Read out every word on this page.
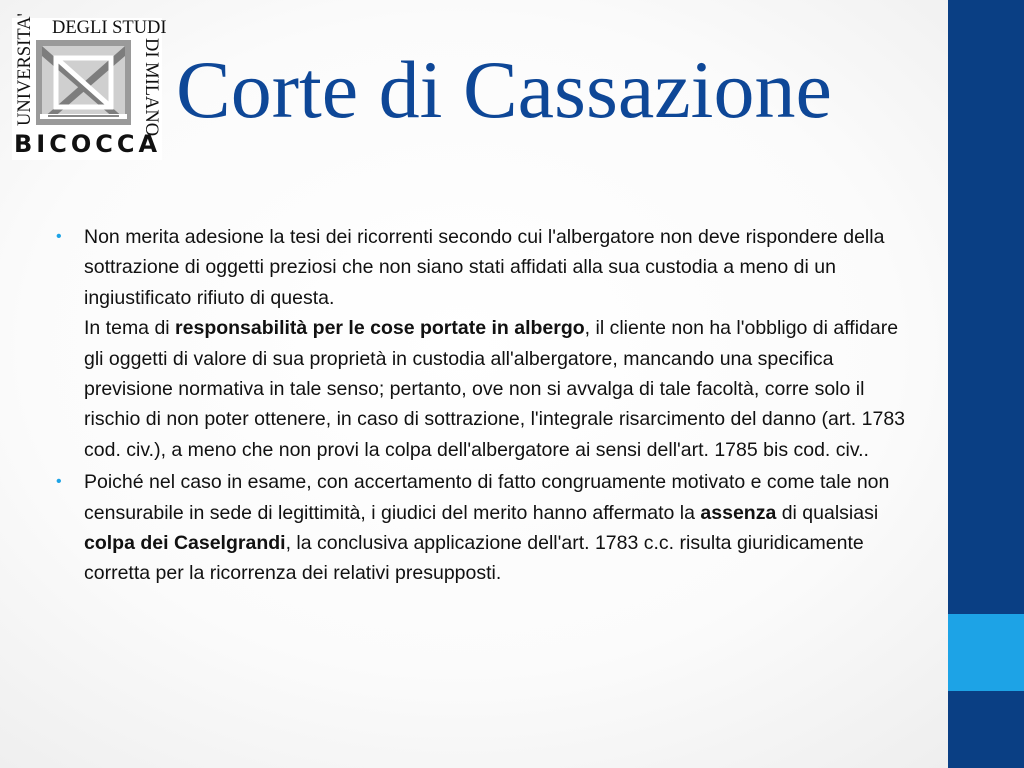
DEGLI STUDI
UNIVERSITA'	DI MILANO
BICOCCA
Corte di Cassazione
• Non merita adesione la tesi dei ricorrenti secondo cui l'albergatore non deve rispondere della sottrazione di oggetti preziosi che non siano stati affidati alla sua custodia a meno di un ingiustificato rifiuto di questa.
In tema di responsabilità per le cose portate in albergo, il cliente non ha l'obbligo di affidare gli oggetti di valore di sua proprietà in custodia all'albergatore, mancando una specifica previsione normativa in tale senso; pertanto, ove non si avvalga di tale facoltà, corre solo il rischio di non poter ottenere, in caso di sottrazione, l'integrale risarcimento del danno (art. 1783 cod. civ.), a meno che non provi la colpa dell'albergatore ai sensi dell'art. 1785 bis cod. civ..
• Poiché nel caso in esame, con accertamento di fatto congruamente motivato e come tale non censurabile in sede di legittimità, i giudici del merito hanno affermato la assenza di qualsiasi colpa dei Caselgrandi, la conclusiva applicazione dell'art. 1783 c.c. risulta giuridicamente corretta per la ricorrenza dei relativi presupposti.
